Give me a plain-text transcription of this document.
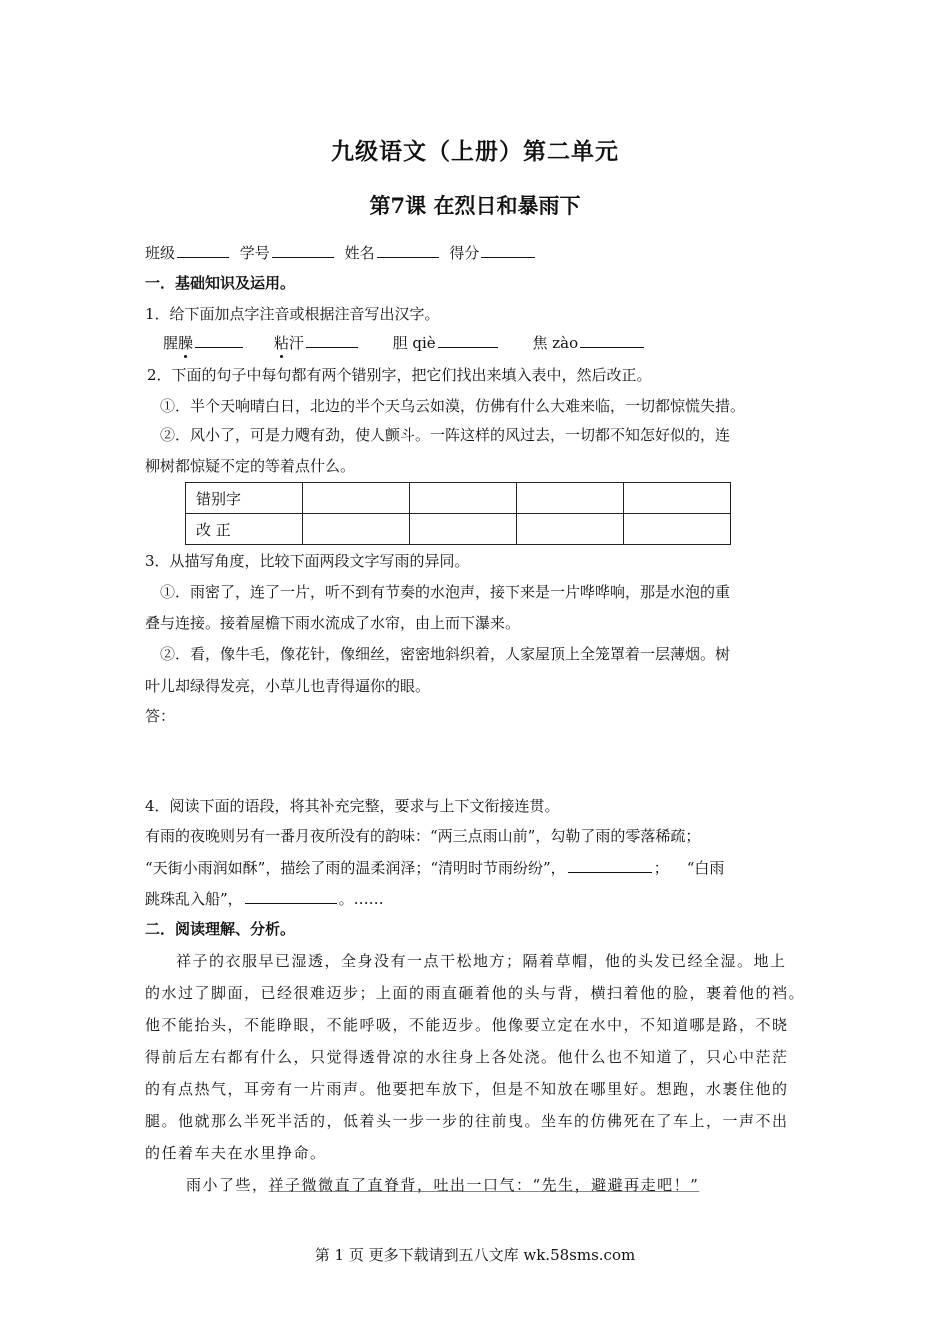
九级语文（上册）第二单元
第7课 在烈日和暴雨下
班级	学号	姓名	得分
一．基础知识及运用。
1．给下面加点字注音或根据注音写出汉字。
腥臊	粘汗	胆 qiè	焦 zào
2．下面的句子中每句都有两个错别字，把它们找出来填入表中，然后改正。
①．半个天响晴白日，北边的半个天乌云如漠，仿佛有什么大难来临，一切都惊慌失措。
②．风小了，可是力飕有劲，使人颤斗。一阵这样的风过去，一切都不知怎好似的，连
柳树都惊疑不定的等着点什么。
错别字				
改 正				
3．从描写角度，比较下面两段文字写雨的异同。
①．雨密了，连了一片，听不到有节奏的水泡声，接下来是一片哗哗响，那是水泡的重
叠与连接。接着屋檐下雨水流成了水帘，由上而下瀑来。
②．看，像牛毛，像花针，像细丝，密密地斜织着，人家屋顶上全笼罩着一层薄烟。树
叶儿却绿得发亮，小草儿也青得逼你的眼。
答：
4．阅读下面的语段，将其补充完整，要求与上下文衔接连贯。
有雨的夜晚则另有一番月夜所没有的韵味：“两三点雨山前”，勾勒了雨的零落稀疏；
“天街小雨润如酥”，描绘了雨的温柔润泽；“清明时节雨纷纷”，	； “白雨
跳珠乱入船”，	。……
二．阅读理解、分析。
祥子的衣服早已湿透，全身没有一点干松地方；隔着草帽，他的头发已经全湿。地上
的水过了脚面，已经很难迈步；上面的雨直砸着他的头与背，横扫着他的脸，裹着他的裆。
他不能抬头，不能睁眼，不能呼吸，不能迈步。他像要立定在水中，不知道哪是路，不晓
得前后左右都有什么，只觉得透骨凉的水往身上各处浇。他什么也不知道了，只心中茫茫
的有点热气，耳旁有一片雨声。他要把车放下，但是不知放在哪里好。想跑，水裹住他的
腿。他就那么半死半活的，低着头一步一步的往前曳。坐车的仿佛死在了车上，一声不出
的任着车夫在水里挣命。
雨小了些，祥子微微直了直脊背，吐出一口气：“先生，避避再走吧！”
第 1 页 更多下载请到五八文库 wk.58sms.com
